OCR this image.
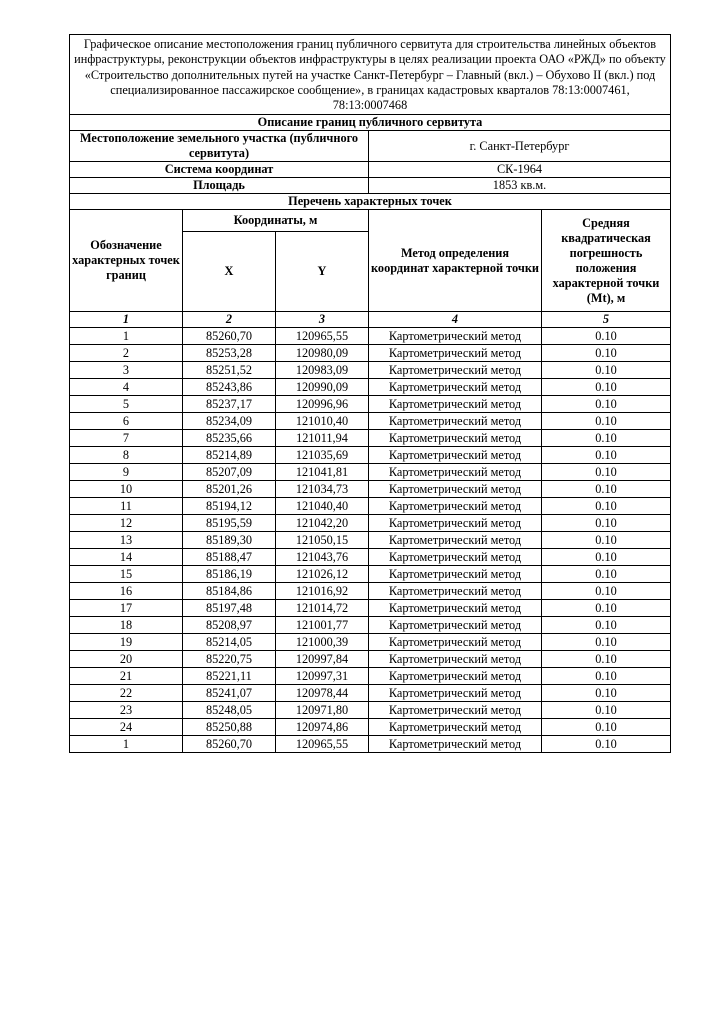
Графическое описание местоположения границ публичного сервитута для строительства линейных объектов инфраструктуры, реконструкции объектов инфраструктуры в целях реализации проекта ОАО «РЖД» по объекту «Строительство дополнительных путей на участке Санкт-Петербург – Главный (вкл.) – Обухово II (вкл.) под специализированное пассажирское сообщение», в границах кадастровых кварталов 78:13:0007461, 78:13:0007468				
Описание границ публичного сервитута				
Местоположение земельного участка (публичного сервитута)			г. Санкт-Петербург	
Система координат			СК-1964	
Площадь			1853 кв.м.	
Перечень характерных точек				
Обозначение характерных точек границ	Координаты, м		Метод определения координат характерной точки	Средняя квадратическая погрешность положения характерной точки (Mt), м
	X	Y		
1	2	3	4	5
1	85260,70	120965,55	Картометрический метод	0.10
2	85253,28	120980,09	Картометрический метод	0.10
3	85251,52	120983,09	Картометрический метод	0.10
4	85243,86	120990,09	Картометрический метод	0.10
5	85237,17	120996,96	Картометрический метод	0.10
6	85234,09	121010,40	Картометрический метод	0.10
7	85235,66	121011,94	Картометрический метод	0.10
8	85214,89	121035,69	Картометрический метод	0.10
9	85207,09	121041,81	Картометрический метод	0.10
10	85201,26	121034,73	Картометрический метод	0.10
11	85194,12	121040,40	Картометрический метод	0.10
12	85195,59	121042,20	Картометрический метод	0.10
13	85189,30	121050,15	Картометрический метод	0.10
14	85188,47	121043,76	Картометрический метод	0.10
15	85186,19	121026,12	Картометрический метод	0.10
16	85184,86	121016,92	Картометрический метод	0.10
17	85197,48	121014,72	Картометрический метод	0.10
18	85208,97	121001,77	Картометрический метод	0.10
19	85214,05	121000,39	Картометрический метод	0.10
20	85220,75	120997,84	Картометрический метод	0.10
21	85221,11	120997,31	Картометрический метод	0.10
22	85241,07	120978,44	Картометрический метод	0.10
23	85248,05	120971,80	Картометрический метод	0.10
24	85250,88	120974,86	Картометрический метод	0.10
1	85260,70	120965,55	Картометрический метод	0.10
